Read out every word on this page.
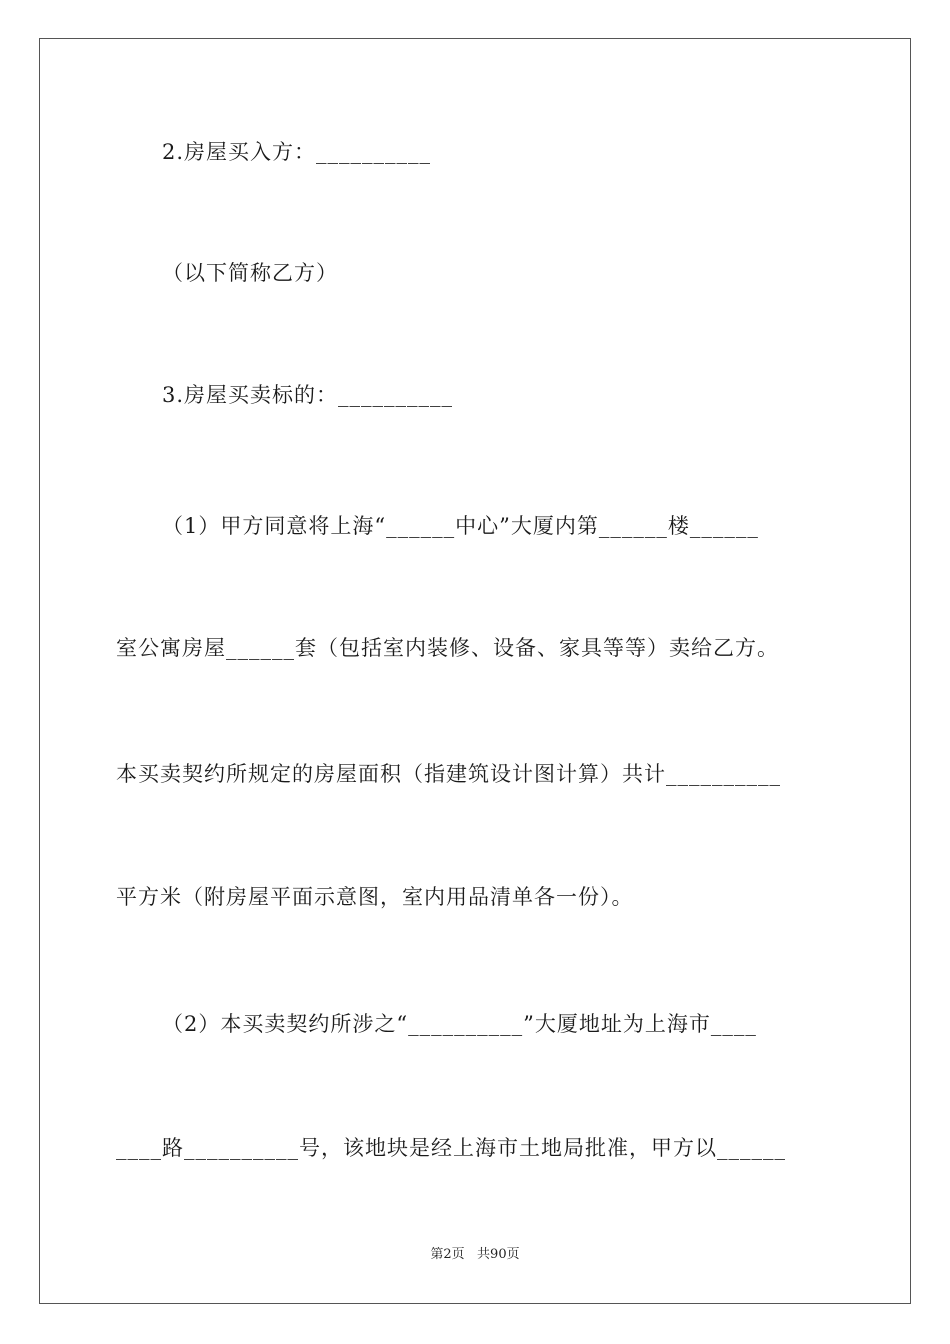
2.房屋买入方：__________
（以下简称乙方）
3.房屋买卖标的：__________
（1）甲方同意将上海“______中心”大厦内第______楼______
室公寓房屋______套（包括室内装修、设备、家具等等）卖给乙方。
本买卖契约所规定的房屋面积（指建筑设计图计算）共计__________
平方米（附房屋平面示意图，室内用品清单各一份）。
（2）本买卖契约所涉之“__________”大厦地址为上海市____
____路__________号，该地块是经上海市土地局批准，甲方以______
第2页   共90页
